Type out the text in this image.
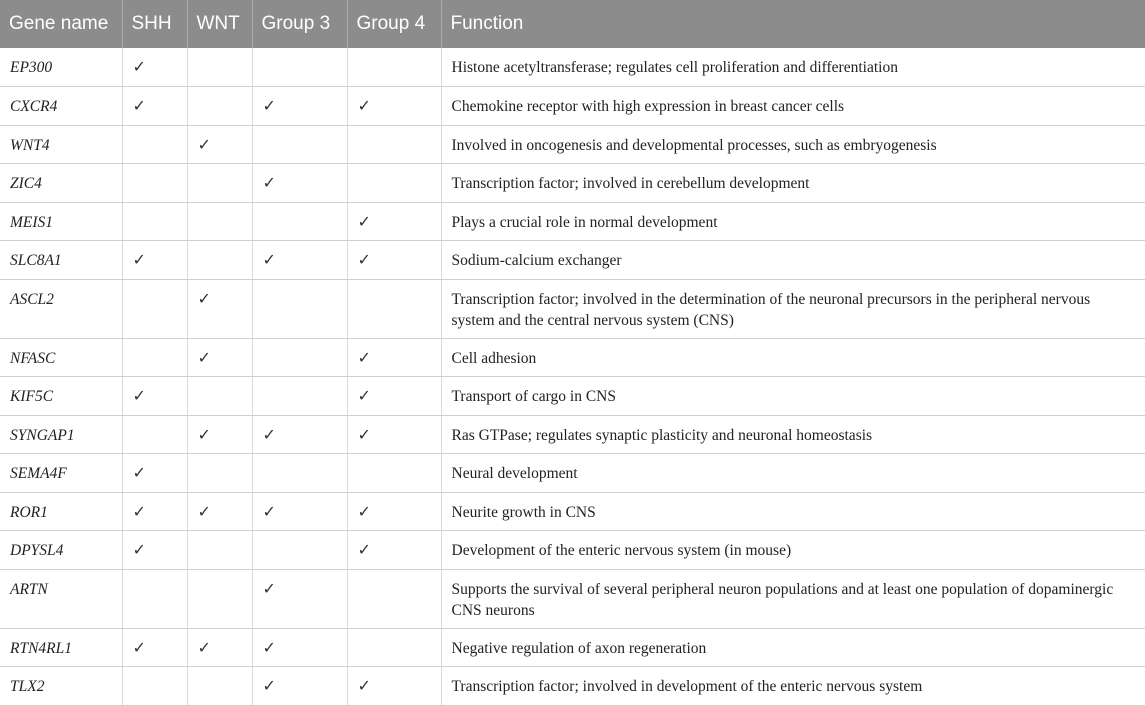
Gene name	SHH	WNT	Group 3	Group 4	Function
EP300	✓				Histone acetyltransferase; regulates cell proliferation and differentiation
CXCR4	✓		✓	✓	Chemokine receptor with high expression in breast cancer cells
WNT4		✓			Involved in oncogenesis and developmental processes, such as embryogenesis
ZIC4			✓		Transcription factor; involved in cerebellum development
MEIS1				✓	Plays a crucial role in normal development
SLC8A1	✓		✓	✓	Sodium-calcium exchanger
ASCL2		✓			Transcription factor; involved in the determination of the neuronal precursors in the peripheral nervous system and the central nervous system (CNS)
NFASC		✓		✓	Cell adhesion
KIF5C	✓			✓	Transport of cargo in CNS
SYNGAP1		✓	✓	✓	Ras GTPase; regulates synaptic plasticity and neuronal homeostasis
SEMA4F	✓				Neural development
ROR1	✓	✓	✓	✓	Neurite growth in CNS
DPYSL4	✓			✓	Development of the enteric nervous system (in mouse)
ARTN			✓		Supports the survival of several peripheral neuron populations and at least one population of dopaminergic CNS neurons
RTN4RL1	✓	✓	✓		Negative regulation of axon regeneration
TLX2			✓	✓	Transcription factor; involved in development of the enteric nervous system
